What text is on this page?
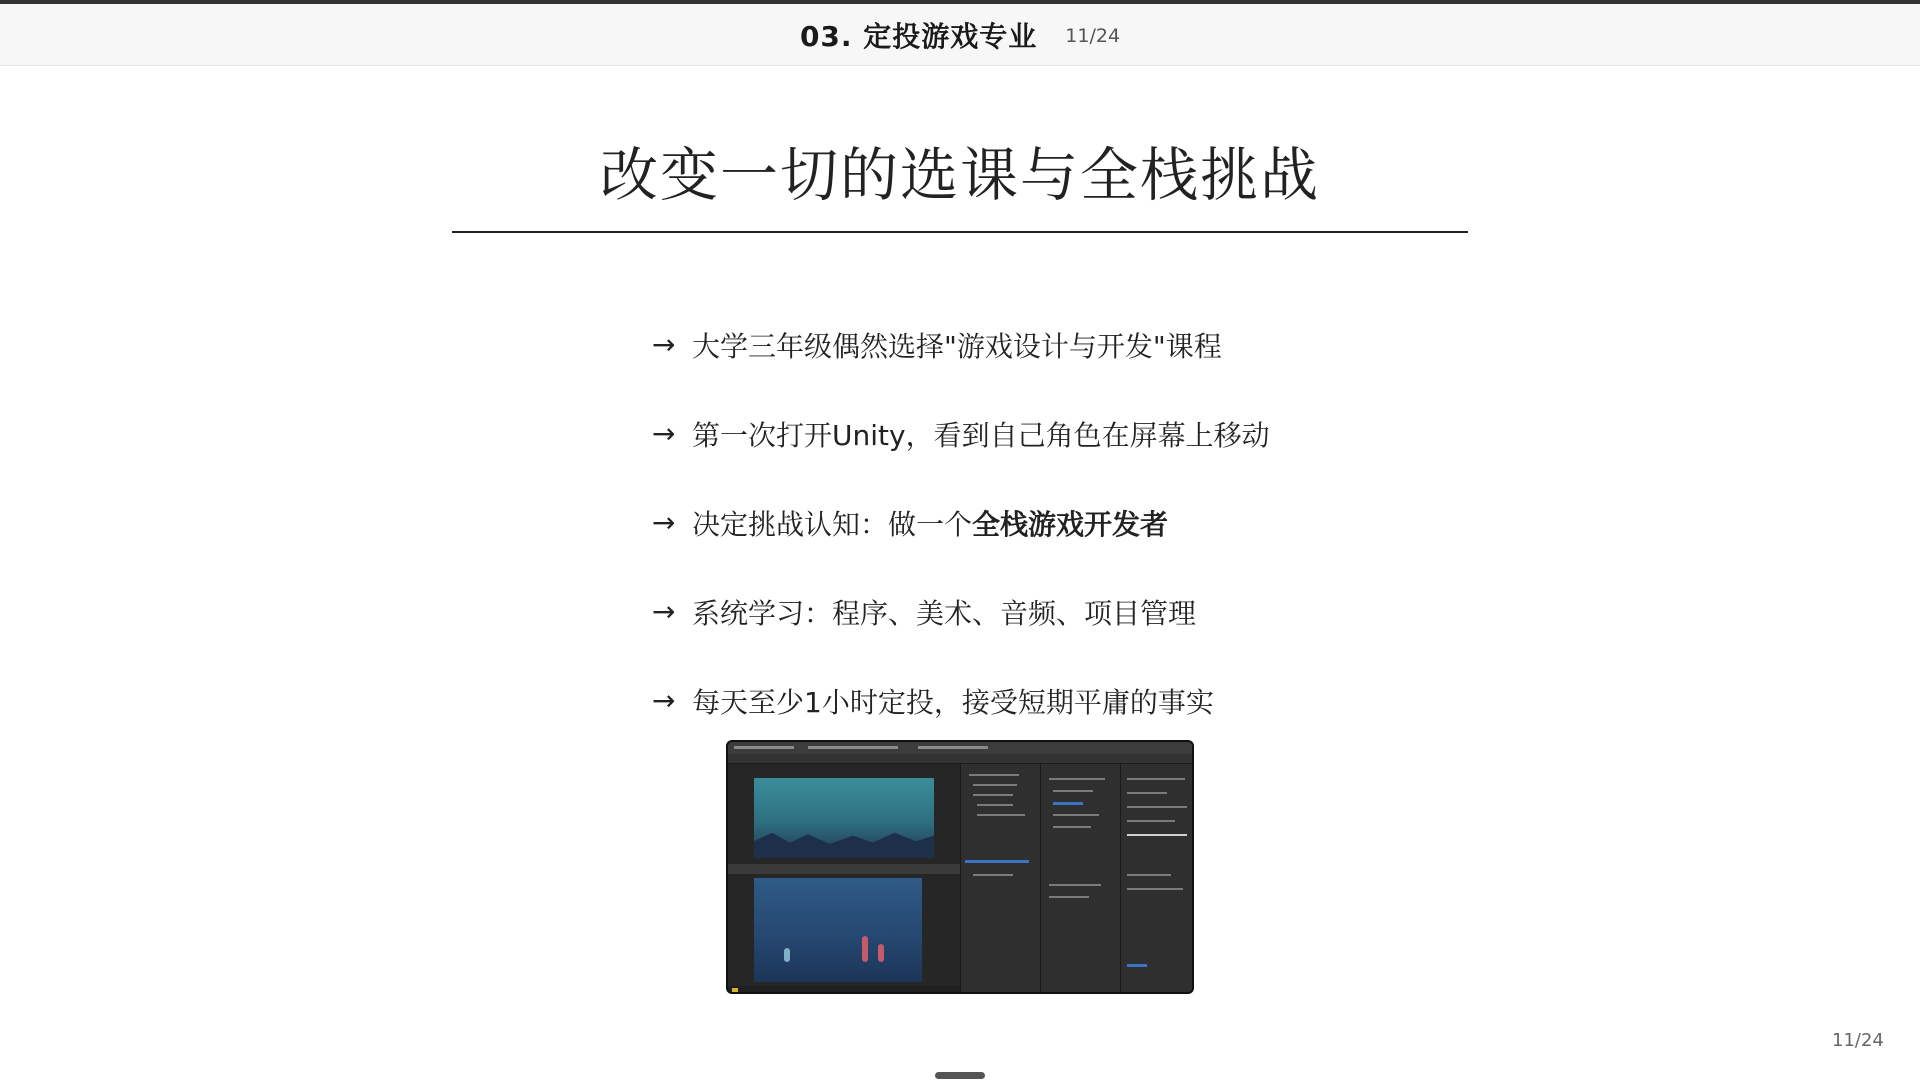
03. 定投游戏专业 11/24
改变一切的选课与全栈挑战
→ 大学三年级偶然选择"游戏设计与开发"课程
→ 第一次打开Unity，看到自己角色在屏幕上移动
→ 决定挑战认知：做一个 全栈游戏开发者
→ 系统学习：程序、美术、音频、项目管理
→ 每天至少1小时定投，接受短期平庸的事实
11/24
